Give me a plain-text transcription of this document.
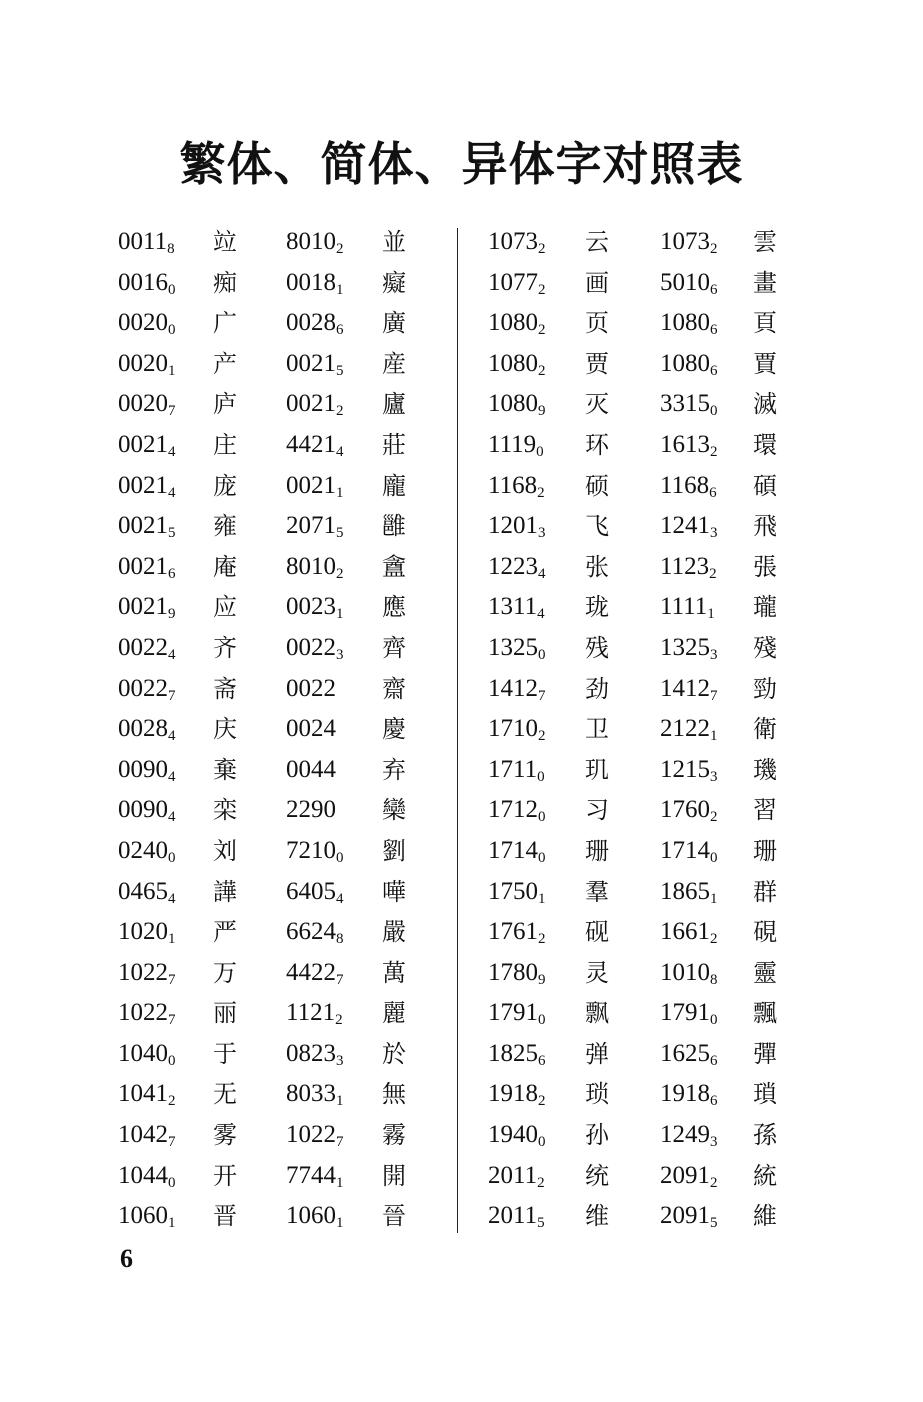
繁体、简体、异体字对照表
$0011_8$ 竝 $8010_2$ 並
$0016_0$ 痴 $0018_1$ 癡
$0020_0$ 广 $0028_6$ 廣
$0020_1$ 产 $0021_5$ 産
$0020_7$ 庐 $0021_2$ 廬
$0021_4$ 庄 $4421_4$ 莊
$0021_4$ 庞 $0021_1$ 龐
$0021_5$ 雍 $2071_5$ 雝
$0021_6$ 庵 $8010_2$ 盦
$0021_9$ 应 $0023_1$ 應
$0022_4$ 齐 $0022_3$ 齊
$0022_7$ 斋 0022 齋
$0028_4$ 庆 0024 慶
$0090_4$ 棄 0044 弃
$0090_4$ 栾 2290 欒
$0240_0$ 刘 $7210_0$ 劉
$0465_4$ 譁 $6405_4$ 嘩
$1020_1$ 严 $6624_8$ 嚴
$1022_7$ 万 $4422_7$ 萬
$1022_7$ 丽 $1121_2$ 麗
$1040_0$ 于 $0823_3$ 於
$1041_2$ 无 $8033_1$ 無
$1042_7$ 雾 $1022_7$ 霧
$1044_0$ 开 $7744_1$ 開
$1060_1$ 晋 $1060_1$ 晉
$1073_2$ 云 $1073_2$ 雲
$1077_2$ 画 $5010_6$ 畫
$1080_2$ 页 $1080_6$ 頁
$1080_2$ 贾 $1080_6$ 賈
$1080_9$ 灭 $3315_0$ 滅
$1119_0$ 环 $1613_2$ 環
$1168_2$ 硕 $1168_6$ 碩
$1201_3$ 飞 $1241_3$ 飛
$1223_4$ 张 $1123_2$ 張
$1311_4$ 珑 $1111_1$ 瓏
$1325_0$ 残 $1325_3$ 殘
$1412_7$ 劲 $1412_7$ 勁
$1710_2$ 卫 $2122_1$ 衛
$1711_0$ 玑 $1215_3$ 璣
$1712_0$ 习 $1760_2$ 習
$1714_0$ 珊 $1714_0$ 珊
$1750_1$ 羣 $1865_1$ 群
$1761_2$ 砚 $1661_2$ 硯
$1780_9$ 灵 $1010_8$ 靈
$1791_0$ 飘 $1791_0$ 飄
$1825_6$ 弹 $1625_6$ 彈
$1918_2$ 琐 $1918_6$ 瑣
$1940_0$ 孙 $1249_3$ 孫
$2011_2$ 统 $2091_2$ 統
$2011_5$ 维 $2091_5$ 維
6
